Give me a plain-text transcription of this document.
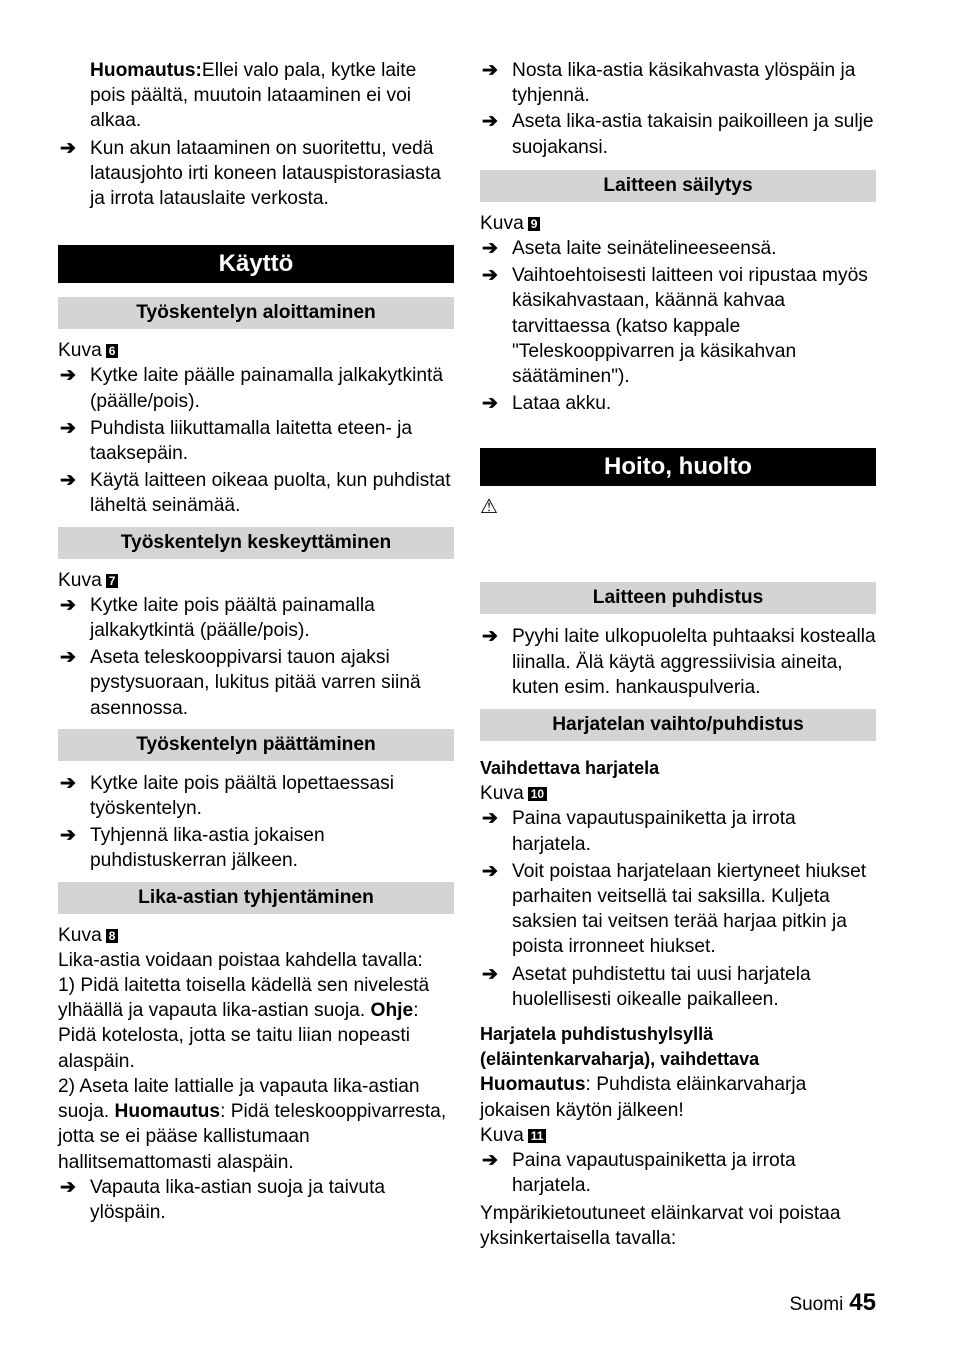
Huomautus:Ellei valo pala, kytke laite pois päältä, muutoin lataaminen ei voi alkaa.

➔ Kun akun lataaminen on suoritettu, vedä latausjohto irti koneen latauspistorasiasta ja irrota latauslaite verkosta.
Käyttö
Työskentelyn aloittaminen

Kuva 6

➔ Kytke laite päälle painamalla jalkakytkintä (päälle/pois).
➔ Puhdista liikuttamalla laitetta eteen- ja taaksepäin.
➔ Käytä laitteen oikeaa puolta, kun puhdistat läheltä seinämää.
Työskentelyn keskeyttäminen

Kuva 7

➔ Kytke laite pois päältä painamalla jalkakytkintä (päälle/pois).
➔ Aseta teleskooppivarsi tauon ajaksi pystysuoraan, lukitus pitää varren siinä asennossa.
Työskentelyn päättäminen
➔ Kytke laite pois päältä lopettaessasi työskentelyn.
➔ Tyhjennä lika-astia jokaisen puhdistuskerran jälkeen.
Lika-astian tyhjentäminen

Kuva 8

Lika-astia voidaan poistaa kahdella tavalla:

1) Pidä laitetta toisella kädellä sen nivelestä ylhäällä ja vapauta lika-astian suoja. Ohje: Pidä kotelosta, jotta se taitu liian nopeasti alaspäin.

2) Aseta laite lattialle ja vapauta lika-astian suoja. Huomautus: Pidä teleskooppivarresta, jotta se ei pääse kallistumaan hallitsemattomasti alaspäin.

➔ Vapauta lika-astian suoja ja taivuta ylöspäin.
➔ Nosta lika-astia käsikahvasta ylöspäin ja tyhjennä.
➔ Aseta lika-astia takaisin paikoilleen ja sulje suojakansi.
Laitteen säilytys

Kuva 9

➔ Aseta laite seinätelineeseensä.
➔ Vaihtoehtoisesti laitteen voi ripustaa myös käsikahvastaan, käännä kahvaa tarvittaessa (katso kappale "Teleskooppivarren ja käsikahvan säätäminen").
➔ Lataa akku.
Hoito, huolto

⚠

Laitteen puhdistus
➔ Pyyhi laite ulkopuolelta puhtaaksi kostealla liinalla. Älä käytä aggressiivisia aineita, kuten esim. hankauspulveria.
Harjatelan vaihto/puhdistus

Vaihdettava harjatela

Kuva 10

➔ Paina vapautuspainiketta ja irrota harjatela.
➔ Voit poistaa harjatelaan kiertyneet hiukset parhaiten veitsellä tai saksilla. Kuljeta saksien tai veitsen terää harjaa pitkin ja poista irronneet hiukset.
➔ Asetat puhdistettu tai uusi harjatela huolellisesti oikealle paikalleen.

Harjatela puhdistushylsyllä (eläintenkarvaharja), vaihdettava

Huomautus: Puhdista eläinkarvaharja jokaisen käytön jälkeen!

Kuva 11

➔ Paina vapautuspainiketta ja irrota harjatela.

Ympärikietoutuneet eläinkarvat voi poistaa yksinkertaisella tavalla:

Suomi 45
